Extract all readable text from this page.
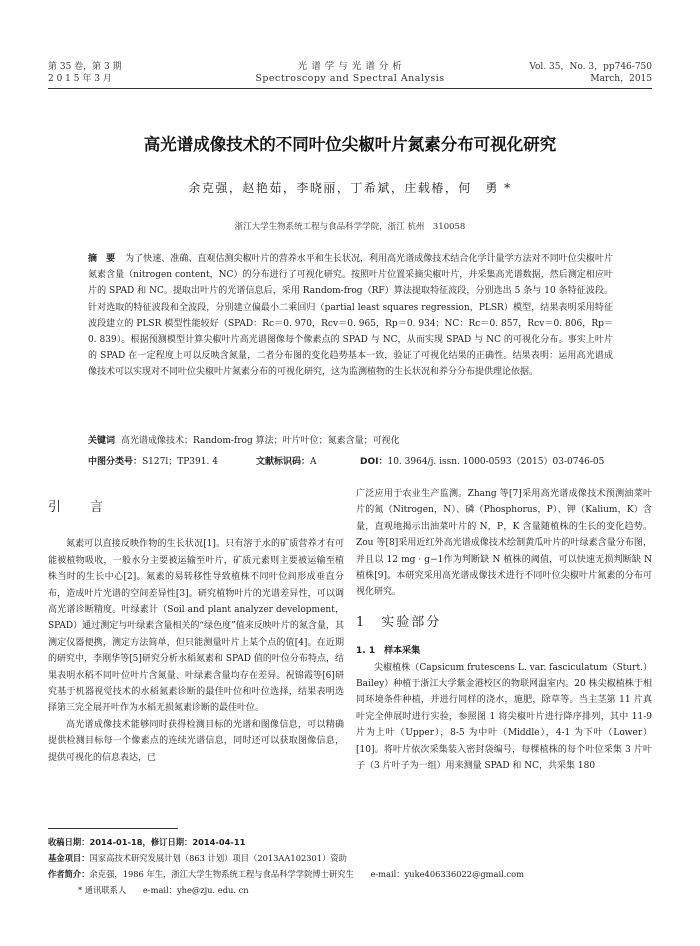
第 35 卷，第 3 期
2 0 1 5 年 3 月
光 谱 学 与 光 谱 分 析
Spectroscopy and Spectral Analysis
Vol. 35，No. 3，pp746-750
March，2015
高光谱成像技术的不同叶位尖椒叶片氮素分布可视化研究
余克强，赵艳茹，李晓丽，丁希斌，庄载椿，何　勇 *
浙江大学生物系统工程与食品科学学院，浙江 杭州　310058
摘　要 为了快速、准确、直观估测尖椒叶片的营养水平和生长状况，利用高光谱成像技术结合化学计量学方法对不同叶位尖椒叶片氮素含量（nitrogen content，NC）的分布进行了可视化研究。按照叶片位置采摘尖椒叶片，并采集高光谱数据，然后测定相应叶片的 SPAD 和 NC。提取出叶片的光谱信息后，采用 Random-frog（RF）算法提取特征波段，分别选出 5 条与 10 条特征波段。针对选取的特征波段和全波段，分别建立偏最小二乘回归（partial least squares regression，PLSR）模型，结果表明采用特征波段建立的 PLSR 模型性能较好（SPAD：Rc＝0. 970，Rcv＝0. 965，Rp＝0. 934；NC：Rc＝0. 857，Rcv＝0. 806，Rp＝0. 839）。根据预测模型计算尖椒叶片高光谱图像每个像素点的 SPAD 与 NC，从而实现 SPAD 与 NC 的可视化分布。事实上叶片的 SPAD 在一定程度上可以反映含氮量，二者分布图的变化趋势基本一致，验证了可视化结果的正确性。结果表明：运用高光谱成像技术可以实现对不同叶位尖椒叶片氮素分布的可视化研究，这为监测植物的生长状况和养分分布提供理论依据。
关键词 高光谱成像技术；Random-frog 算法；叶片叶位；氮素含量；可视化
中图分类号：S127l；TP391. 4	文献标识码：A	DOI：10. 3964/j. issn. 1000-0593（2015）03-0746-05
引　言

氮素可以直接反映作物的生长状况[1]。只有溶于水的矿质营养才有可能被植物吸收，一般水分主要被运输至叶片，矿质元素则主要被运输至植株当时的生长中心[2]。氮素的易转移性导致植株不同叶位间形成垂直分布，造成叶片光谱的空间差异性[3]。研究植物叶片的光谱差异性，可以调高光谱诊断精度。叶绿素计（Soil and plant analyzer development，SPAD）通过测定与叶绿素含量相关的“绿色度”值来反映叶片的氮含量，其测定仪器便携，测定方法简单，但只能测量叶片上某个点的值[4]。在近期的研究中，李刚华等[5]研究分析水稻氮素和 SPAD 值的叶位分布特点，结果表明水稻不同叶位叶片含氮量、叶绿素含量均存在差异。祝锦霞等[6]研究基于机器视觉技术的水稻氮素诊断的最佳叶位和叶位选择，结果表明选择第三完全展开叶作为水稻无损氮素诊断的最佳叶位。

高光谱成像技术能够同时获得检测目标的光谱和图像信息，可以精确提供检测目标每一个像素点的连续光谱信息，同时还可以获取图像信息，提供可视化的信息表达，已

广泛应用于农业生产监测。Zhang 等[7]采用高光谱成像技术预测油菜叶片的氮（Nitrogen，N）、磷（Phosphorus，P）、钾（Kalium，K）含量，直观地揭示出油菜叶片的 N，P，K 含量随植株的生长的变化趋势。Zou 等[8]采用近红外高光谱成像技术绘制黄瓜叶片的叶绿素含量分布图，并且以 12 mg · g−1作为判断缺 N 植株的阈值，可以快速无损判断缺 N 植株[9]。本研究采用高光谱成像技术进行不同叶位尖椒叶片氮素的分布可视化研究。

1　实验部分
1. 1　样本采集

尖椒植株（Capsicum frutescens L. var. fasciculatum（Sturt.）Bailey）种植于浙江大学紫金港校区的物联网温室内。20 株尖椒植株于相同环境条件种植，并进行同样的浇水，施肥，除草等。当主茎第 11 片真叶完全伸展时进行实验，参照图 1 将尖椒叶片进行降序排列，其中 11-9 片为上叶（Upper），8-5 为中叶（Middle），4-1 为下叶（Lower）[10]。将叶片依次采集装入密封袋编号，每棵植株的每个叶位采集 3 片叶子（3 片叶子为一组）用来测量 SPAD 和 NC，共采集 180

收稿日期：2014-01-18，修订日期：2014-04-11
基金项目：国家高技术研究发展计划（863 计划）项目（2013AA102301）资助
作者简介：余克强，1986 年生，浙江大学生物系统工程与食品科学学院博士研究生　　e-mail：yuke406336022@gmail.com
* 通讯联系人　　e-mail：yhe@zju. edu. cn
